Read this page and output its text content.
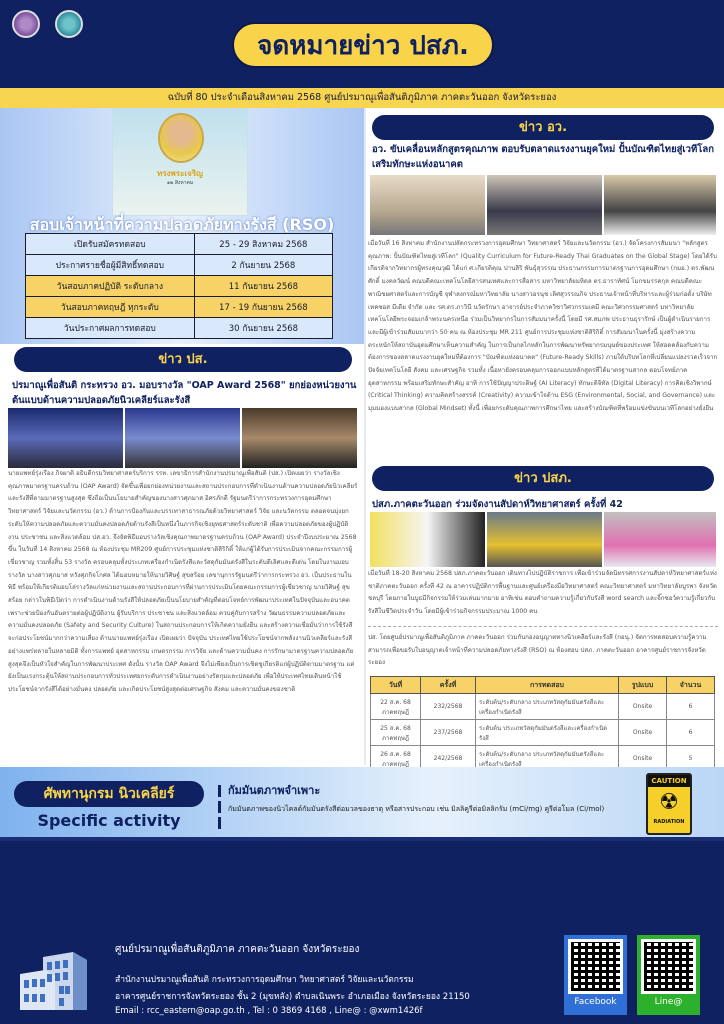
จดหมายข่าว ปสภ.
ฉบับที่ 80 ประจำเดือนสิงหาคม 2568 ศูนย์ปรมาณูเพื่อสันติภูมิภาค ภาคตะวันออก จังหวัดระยอง
ทรงพระเจริญ
๑๒ สิงหาคม
สอบเจ้าหน้าที่ความปลอดภัยทางรังสี (RSO)
เปิดรับสมัครทดสอบ	25 - 29 สิงหาคม 2568
ประกาศรายชื่อผู้มีสิทธิ์ทดสอบ	2 กันยายน 2568
วันสอบภาคปฏิบัติ ระดับกลาง	11 กันยายน 2568
วันสอบภาคทฤษฎี ทุกระดับ	17 - 19 กันยายน 2568
วันประกาศผลการทดสอบ	30 กันยายน 2568
ข่าว ปส.
ปรมาณูเพื่อสันติ กระทรวง อว. มอบรางวัล "OAP Award 2568" ยกย่องหน่วยงานต้นแบบด้านความปลอดภัยนิวเคลียร์และรังสี
นายแพทย์รุ่งเรือง กิจผาติ อธิบดีกรมวิทยาศาสตร์บริการ รรท. เลขาธิการสำนักงานปรมาณูเพื่อสันติ (ปส.) เปิดเผยว่า รางวัลเชิงคุณภาพมาตรฐานครบถ้วน (OAP Award) จัดขึ้นเพื่อยกย่องหน่วยงานและสถานประกอบการที่ดำเนินงานด้านความปลอดภัยนิวเคลียร์และรังสีที่ตามมาตรฐานสูงสุด ซึ่งถือเป็นนโยบายสำคัญของนางสาวศุภมาส อิศรภักดี รัฐมนตรีว่าการกระทรวงการอุดมศึกษา วิทยาศาสตร์ วิจัยและนวัตกรรม (อว.) ด้านการป้องกันและบรรเทาสาธารณภัยด้วยวิทยาศาสตร์ วิจัย และนวัตกรรม ตลอดจนมุ่งยกระดับให้ความปลอดภัยและความมั่นคงปลอดภัยด้านรังสีเป็นหนึ่งในภารกิจเชิงยุทธศาสตร์ระดับชาติ เพื่อความปลอดภัยของผู้ปฏิบัติงาน ประชาชน และสิ่งแวดล้อม ปส.อว. จึงจัดพิธีมอบรางวัลเชิงคุณภาพมาตรฐานครบถ้วน (OAP Award) ประจำปีงบประมาณ 2568 ขึ้น ในวันที่ 14 สิงหาคม 2568 ณ ห้องประชุม MR209 ศูนย์การประชุมแห่งชาติสิริกิติ์ ให้แก่ผู้ได้รับการประเมินจากคณะกรรมการผู้เชี่ยวชาญ รวมทั้งสิ้น 53 รางวัล ครอบคลุมทั้งประเภทเครื่องกำเนิดรังสีและวัสดุกัมมันตรังสีในระดับดีเลิศและดีเด่น โดยในงานมอบรางวัล นางสาวศุภมาส หวังศุภกิจโกศล ได้มอบหมายให้นายวิศิษฐ์ สุขสร้อย เลขานุการรัฐมนตรีว่าการกระทรวง อว. เป็นประธานในพิธี พร้อมให้เกียรติมอบโล่รางวัลแก่หน่วยงานและสถานประกอบการที่ผ่านการประเมินโดยคณะกรรมการผู้เชี่ยวชาญ นายวิศิษฐ์ สุขสร้อย กล่าวในพิธีเปิดว่า การดำเนินงานด้านรังสีให้ปลอดภัยเป็นนโยบายสำคัญที่ตอบโจทย์การพัฒนาประเทศในปัจจุบันและอนาคต เพราะช่วยป้องกันอันตรายต่อผู้ปฏิบัติงาน ผู้รับบริการ ประชาชน และสิ่งแวดล้อม ควบคู่กับการสร้าง วัฒนธรรมความปลอดภัยและความมั่นคงปลอดภัย (Safety and Security Culture) ในสถานประกอบการให้เกิดความยั่งยืน และสร้างความเชื่อมั่นว่าการใช้รังสีจะก่อประโยชน์มากกว่าความเสี่ยง ด้านนายแพทย์รุ่งเรือง เปิดเผยว่า ปัจจุบัน ประเทศไทยใช้ประโยชน์จากพลังงานนิวเคลียร์และรังสีอย่างแพร่หลายในหลายมิติ ทั้งการแพทย์ อุตสาหกรรม เกษตรกรรม การวิจัย และด้านความมั่นคง การรักษามาตรฐานความปลอดภัยสูงสุดจึงเป็นหัวใจสำคัญในการพัฒนาประเทศ ดังนั้น รางวัล OAP Award จึงไม่เพียงเป็นการเชิดชูเกียรติแก่ผู้ปฏิบัติตามมาตรฐาน แต่ยังเป็นแรงกระตุ้นให้สถานประกอบการทั่วประเทศยกระดับการดำเนินงานอย่างรัดกุมและปลอดภัย เพื่อให้ประเทศไทยเดินหน้าใช้ประโยชน์จากรังสีได้อย่างมั่นคง ปลอดภัย และเกิดประโยชน์สูงสุดต่อเศรษฐกิจ สังคม และความมั่นคงของชาติ
ข่าว อว.
อว. ขับเคลื่อนหลักสูตรคุณภาพ ตอบรับตลาดแรงงานยุคใหม่ ปั้นบัณฑิตไทยสู่เวทีโลก เสริมทักษะแห่งอนาคต
เมื่อวันที่ 16 สิงหาคม สำนักงานปลัดกระทรวงการอุดมศึกษา วิทยาศาสตร์ วิจัยและนวัตกรรม (อว.) จัดโครงการสัมมนา "หลักสูตรคุณภาพ: ปั้นบัณฑิตไทยสู่เวทีโลก" (Quality Curriculum for Future-Ready Thai Graduates on the Global Stage) โดยได้รับเกียรติจากวิทยากรผู้ทรงคุณวุฒิ ได้แก่ ศ.เกียรติคุณ ปานสิริ พันธุ์สุวรรณ ประธานกรรมการมาตรฐานการอุดมศึกษา (กมอ.) ดร.พัฒนศักดิ์ มงคลวัฒน์ คณบดีคณะเทคโนโลยีสารสนเทศและการสื่อสาร มหาวิทยาลัยมหิดล ดร.ธาราทัศน์ โมกขมรรคกุล คณบดีคณะพาณิชยศาสตร์และการบัญชี จุฬาลงกรณ์มหาวิทยาลัย นางสาวอรนุช เลิศสุวรรณกิจ ประธานเจ้าหน้าที่บริหารและผู้ร่วมก่อตั้ง บริษัท เทคซอส มีเดีย จำกัด และ รศ.ดร.ภาวินี นวัตรักษา อาจารย์ประจำภาควิชาวิศวกรรมเคมี คณะวิศวกรรมศาสตร์ มหาวิทยาลัยเทคโนโลยีพระจอมเกล้าพระนครเหนือ ร่วมเป็นวิทยากรในการสัมมนาครั้งนี้ โดยมี รศ.สมภพ ประธานธุรารักษ์ เป็นผู้ดำเนินรายการ และมีผู้เข้าร่วมสัมมนากว่า 50 คน ณ ห้องประชุม MR 211 ศูนย์การประชุมแห่งชาติสิริกิติ์ การสัมมนาในครั้งนี้ มุ่งสร้างความตระหนักให้สถาบันอุดมศึกษาเห็นความสำคัญ ในการเป็นกลไกหลักในการพัฒนาทรัพยากรมนุษย์ของประเทศ ให้สอดคล้องกับความต้องการของตลาดแรงงานยุคใหม่ที่ต้องการ "บัณฑิตแห่งอนาคต" (Future-Ready Skills) ภายใต้บริบทโลกที่เปลี่ยนแปลงรวดเร็วจากปัจจัยเทคโนโลยี สังคม และเศรษฐกิจ รวมทั้ง เนื้อหายังครอบคลุมการออกแบบหลักสูตรที่ได้มาตรฐานสากล ตอบโจทย์ภาคอุตสาหกรรม พร้อมเสริมทักษะสำคัญ อาทิ การใช้ปัญญาประดิษฐ์ (AI Literacy) ทักษะดิจิทัล (Digital Literacy) การคิดเชิงวิพากษ์ (Critical Thinking) ความคิดสร้างสรรค์ (Creativity) ความเข้าใจด้าน ESG (Environmental, Social, and Governance) และมุมมองแบบสากล (Global Mindset) ทั้งนี้ เพื่อยกระดับคุณภาพการศึกษาไทย และสร้างบัณฑิตที่พร้อมแข่งขันบนเวทีโลกอย่างยั่งยืน
ข่าว ปสภ.
ปสภ.ภาคตะวันออก ร่วมจัดงานสัปดาห์วิทยาศาสตร์ ครั้งที่ 42
เมื่อวันที่ 18-20 สิงหาคม 2568 ปสภ.ภาคตะวันออก เดินทางไปปฏิบัติราชการ เพื่อเข้าร่วมจัดนิทรรศการงานสัปดาห์วิทยาศาสตร์แห่งชาติภาคตะวันออก ครั้งที่ 42 ณ อาคารปฏิบัติการพื้นฐานและศูนย์เครื่องมือวิทยาศาสตร์ คณะวิทยาศาสตร์ มหาวิทยาลัยบูรพา จังหวัดชลบุรี โดยภายในบูธมีกิจกรรมให้ร่วมเล่นมากมาย อาทิเช่น ตอบคำถามความรู้เกี่ยวกับรังสี word search และจิ๊กซอว์ความรู้เกี่ยวกับรังสีในชีวิตประจำวัน โดยมีผู้เข้าร่วมกิจกรรมประมาณ 1000 คน
ปส. โดยศูนย์ปรมาณูเพื่อสันติภูมิภาค ภาคตะวันออก ร่วมกับกองอนุญาตทางนิวเคลียร์และรังสี (กอนุ.) จัดการทดสอบความรู้ความสามารถเพื่อขอรับใบอนุญาตเจ้าหน้าที่ความปลอดภัยทางรังสี (RSO) ณ ห้องสอบ ปสภ. ภาคตะวันออก อาคารศูนย์ราชการจังหวัดระยอง
วันที่	ครั้งที่	การทดสอบ	รูปแบบ	จำนวน
22 ส.ค. 68 ภาคทฤษฎี	232/2568	ระดับต้น/ระดับกลาง ประเภทวัสดุกัมมันตรังสีและเครื่องกำเนิดรังสี	Onsite	6
25 ส.ค. 68 ภาคทฤษฎี	237/2568	ระดับต้น ประเภทวัสดุกัมมันตรังสีและเครื่องกำเนิดรังสี	Onsite	6
26 ส.ค. 68 ภาคทฤษฎี	242/2568	ระดับต้น/ระดับกลาง ประเภทวัสดุกัมมันตรังสีและเครื่องกำเนิดรังสี	Onsite	5
ศัพทานุกรม นิวเคลียร์
Specific activity
กัมมันตภาพจำเพาะ
กัมมันตภาพของนิวไคลด์กัมมันตรังสีต่อมวลของธาตุ หรือสารประกอบ เช่น มิลลิคูรีต่อมิลลิกรัม (mCi/mg) คูรีต่อโมล (Ci/mol)
CAUTION
☢
RADIATION
ศูนย์ปรมาณูเพื่อสันติภูมิภาค ภาคตะวันออก จังหวัดระยอง
สำนักงานปรมาณูเพื่อสันติ กระทรวงการอุดมศึกษา วิทยาศาสตร์ วิจัยและนวัตกรรม
อาคารศูนย์ราชการจังหวัดระยอง ชั้น 2 (มุขหลัง) ตำบลเนินพระ อำเภอเมือง จังหวัดระยอง 21150
Email : rcc_eastern@oap.go.th , Tel : 0 3869 4168 , Line@ : @xwm1426f
Facebook	Line@
